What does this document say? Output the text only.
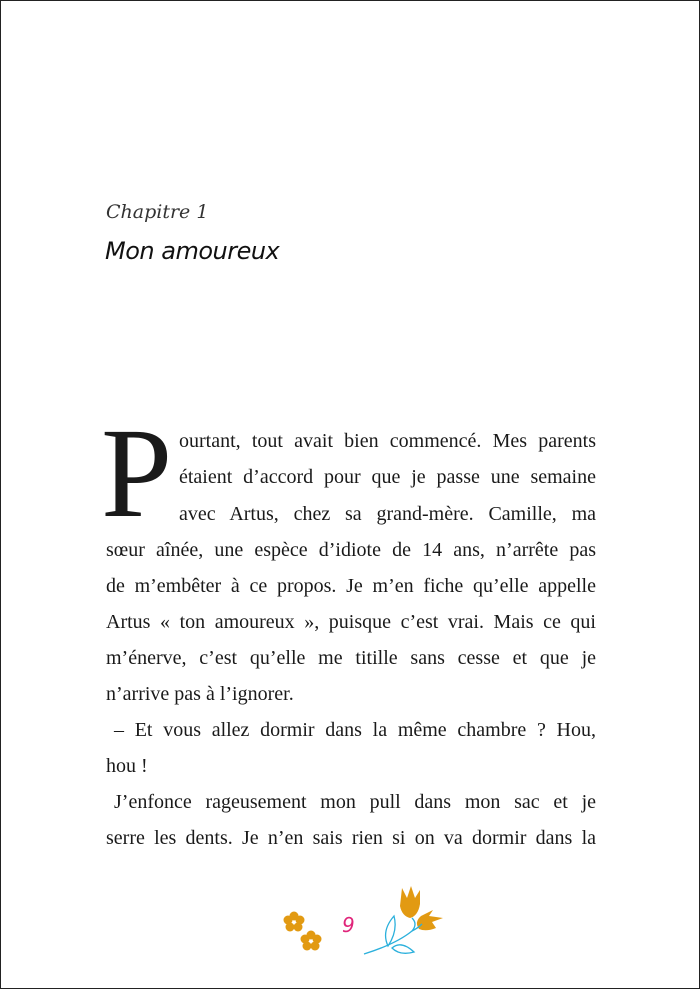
Chapitre 1
Mon amoureux
P ourtant, tout avait bien commencé. Mes parents
étaient d’accord pour que je passe une semaine
avec Artus, chez sa grand-mère. Camille, ma
sœur aînée, une espèce d’idiote de 14 ans, n’arrête pas
de m’embêter à ce propos. Je m’en fiche qu’elle appelle
Artus « ton amoureux », puisque c’est vrai. Mais ce qui
m’énerve, c’est qu’elle me titille sans cesse et que je
n’arrive pas à l’ignorer.
– Et vous allez dormir dans la même chambre ? Hou,
hou !
J’enfonce rageusement mon pull dans mon sac et je
serre les dents. Je n’en sais rien si on va dormir dans la
9
